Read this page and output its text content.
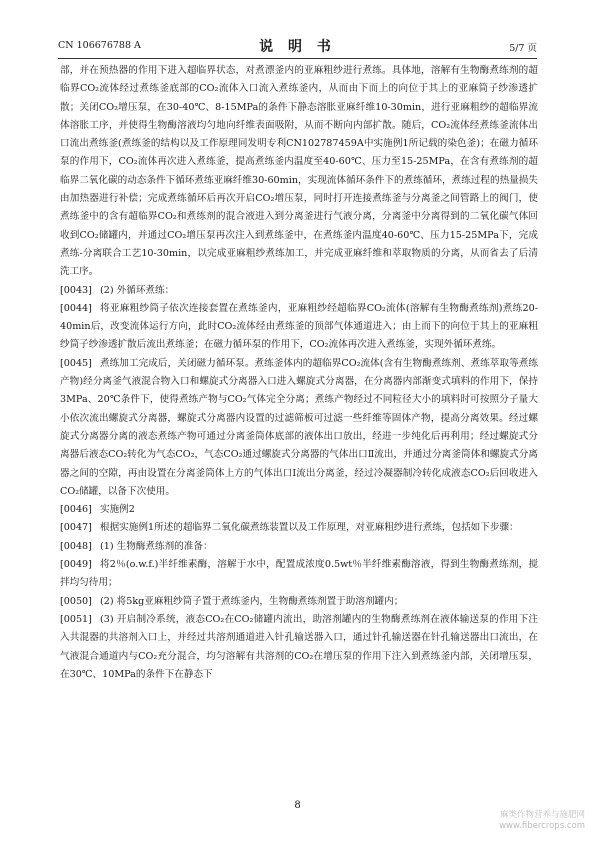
CN 106676788 A	说 明 书	5/7 页

部，并在预热器的作用下进入超临界状态，对煮漂釜内的亚麻粗纱进行煮练。具体地，溶解有生物酶煮练剂的超临界CO₂流体经过煮练釜底部的CO₂流体入口流入煮练釜内，从而由下而上的向位于其上的亚麻筒子纱渗透扩散；关闭CO₂增压泵，在30-40℃、8-15MPa的条件下静态溶胀亚麻纤维10-30min，进行亚麻粗纱的超临界流体溶胀工序，并使得生物酶溶液均匀地向纤维表面吸附，从而不断向内部扩散。随后，CO₂流体经煮练釜流体出口流出煮练釜(煮练釜的结构以及工作原理同发明专利CN102787459A中实施例1所记载的染色釜)；在磁力循环泵的作用下，CO₂流体再次进入煮练釜，提高煮练釜内温度至40-60℃、压力至15-25MPa，在含有煮练剂的超临界二氧化碳的动态条件下循环煮练亚麻纤维30-60min，实现流体循环条件下的煮练循环，煮练过程的热量损失由加热器进行补偿；完成煮练循环后再次开启CO₂增压泵，同时打开连接煮练釜与分离釜之间管路上的阀门，使煮练釜中的含有超临界CO₂和煮练剂的混合液进入到分离釜进行气液分离，分离釜中分离得到的二氧化碳气体回收到CO₂储罐内，并通过CO₂增压泵再次注入到煮练釜中，在煮练釜内温度40-60℃、压力15-25MPa下，完成煮练-分离联合工艺10-30min，以完成亚麻粗纱煮练加工，并完成亚麻纤维和萃取物质的分离，从而省去了后清洗工序。

[0043] (2) 外循环煮练：

[0044] 将亚麻粗纱筒子依次连接套置在煮练釜内，亚麻粗纱经超临界CO₂流体(溶解有生物酶煮练剂)煮练20-40min后，改变流体运行方向，此时CO₂流体经由煮练釜的顶部气体通道进入；由上而下的向位于其上的亚麻粗纱筒子纱渗透扩散后流出煮练釜；在磁力循环泵的作用下，CO₂流体再次进入煮练釜，实现外循环煮练。

[0045] 煮练加工完成后，关闭磁力循环泵。煮练釜体内的超临界CO₂流体(含有生物酶煮练剂、煮练萃取等煮练产物)经分离釜气液混合物入口和螺旋式分离器入口进入螺旋式分离器，在分离器内部渐变式填料的作用下，保持3MPa、20℃条件下，使得煮练产物与CO₂气体完全分离；煮练产物经过不同粒径大小的填料时可按照分子量大小依次流出螺旋式分离器，螺旋式分离器内设置的过滤筛板可过滤一些纤维等固体产物，提高分离效果。经过螺旋式分离器分离的液态煮练产物可通过分离釜筒体底部的液体出口放出，经进一步纯化后再利用；经过螺旋式分离器后液态CO₂转化为气态CO₂，气态CO₂通过螺旋式分离器的气体出口Ⅱ流出，并通过分离釜筒体和螺旋式分离器之间的空隙，再由设置在分离釜筒体上方的气体出口Ⅰ流出分离釜，经过冷凝器制冷转化成液态CO₂后回收进入CO₂储罐，以备下次使用。

[0046] 实施例2

[0047] 根据实施例1所述的超临界二氧化碳煮练装置以及工作原理，对亚麻粗纱进行煮练，包括如下步骤：

[0048] (1) 生物酶煮练剂的准备：

[0049] 将2％(o.w.f.)半纤维素酶，溶解于水中，配置成浓度0.5wt％半纤维素酶溶液，得到生物酶煮练剂，搅拌均匀待用；

[0050] (2) 将5kg亚麻粗纱筒子置于煮练釜内，生物酶煮练剂置于助溶剂罐内；

[0051] (3) 开启制冷系统，液态CO₂在CO₂储罐内流出，助溶剂罐内的生物酶煮练剂在液体输送泵的作用下注入共混器的共溶剂入口上，并经过共溶剂通道进入针孔输送器入口，通过针孔输送器在针孔输送器出口流出，在气液混合通道内与CO₂充分混合，均匀溶解有共溶剂的CO₂在增压泵的作用下注入到煮练釜内部，关闭增压泵，在30℃、10MPa的条件下在静态下

8
麻类作物营养与施肥网
www.fibercrops.com
